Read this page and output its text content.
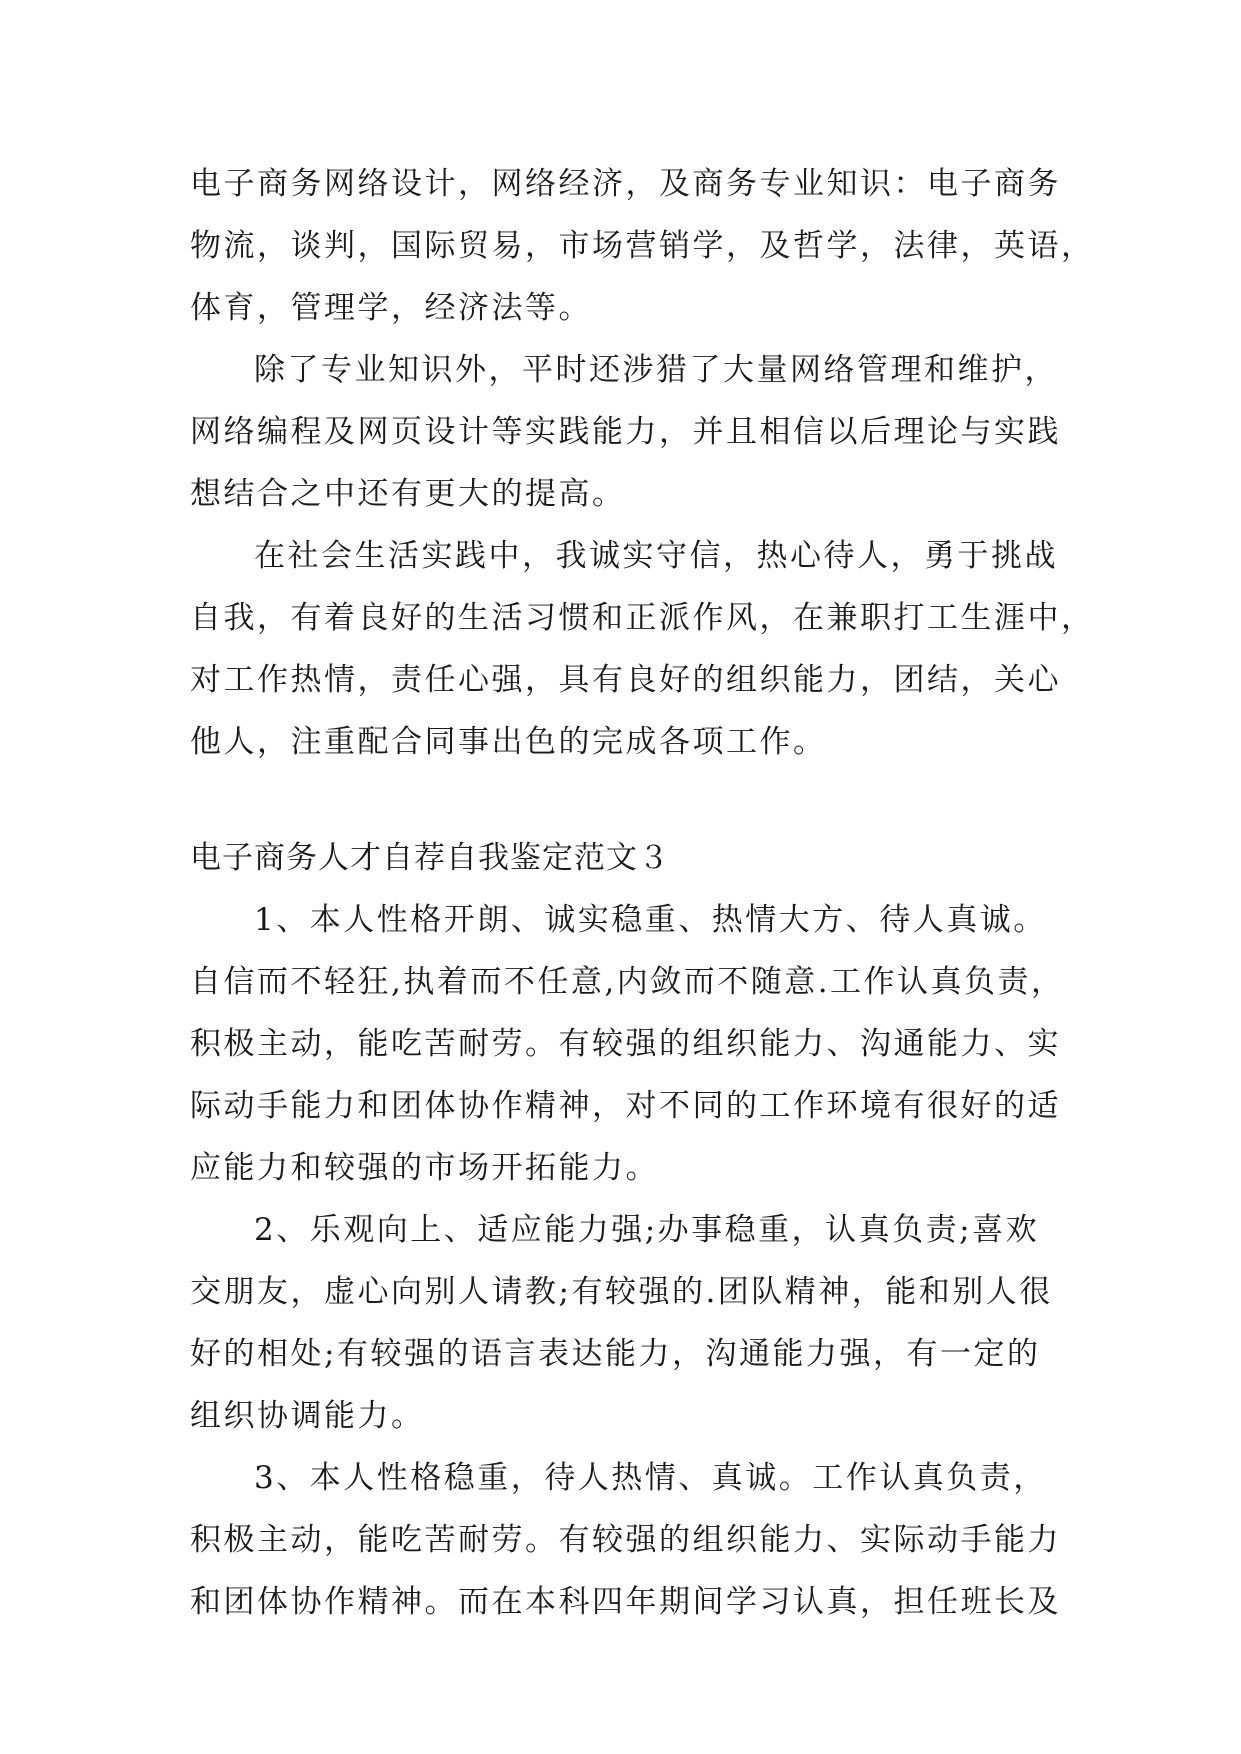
电子商务网络设计，网络经济，及商务专业知识：电子商务
物流，谈判，国际贸易，市场营销学，及哲学，法律，英语，
体育，管理学，经济法等。
除了专业知识外，平时还涉猎了大量网络管理和维护，
网络编程及网页设计等实践能力，并且相信以后理论与实践
想结合之中还有更大的提高。
在社会生活实践中，我诚实守信，热心待人，勇于挑战
自我，有着良好的生活习惯和正派作风，在兼职打工生涯中，
对工作热情，责任心强，具有良好的组织能力，团结，关心
他人，注重配合同事出色的完成各项工作。
电子商务人才自荐自我鉴定范文３
1、本人性格开朗、诚实稳重、热情大方、待人真诚。
自信而不轻狂,执着而不任意,内敛而不随意.工作认真负责，
积极主动，能吃苦耐劳。有较强的组织能力、沟通能力、实
际动手能力和团体协作精神，对不同的工作环境有很好的适
应能力和较强的市场开拓能力。
2、乐观向上、适应能力强;办事稳重，认真负责;喜欢
交朋友，虚心向别人请教;有较强的.团队精神，能和别人很
好的相处;有较强的语言表达能力，沟通能力强，有一定的
组织协调能力。
3、本人性格稳重，待人热情、真诚。工作认真负责，
积极主动，能吃苦耐劳。有较强的组织能力、实际动手能力
和团体协作精神。而在本科四年期间学习认真，担任班长及
